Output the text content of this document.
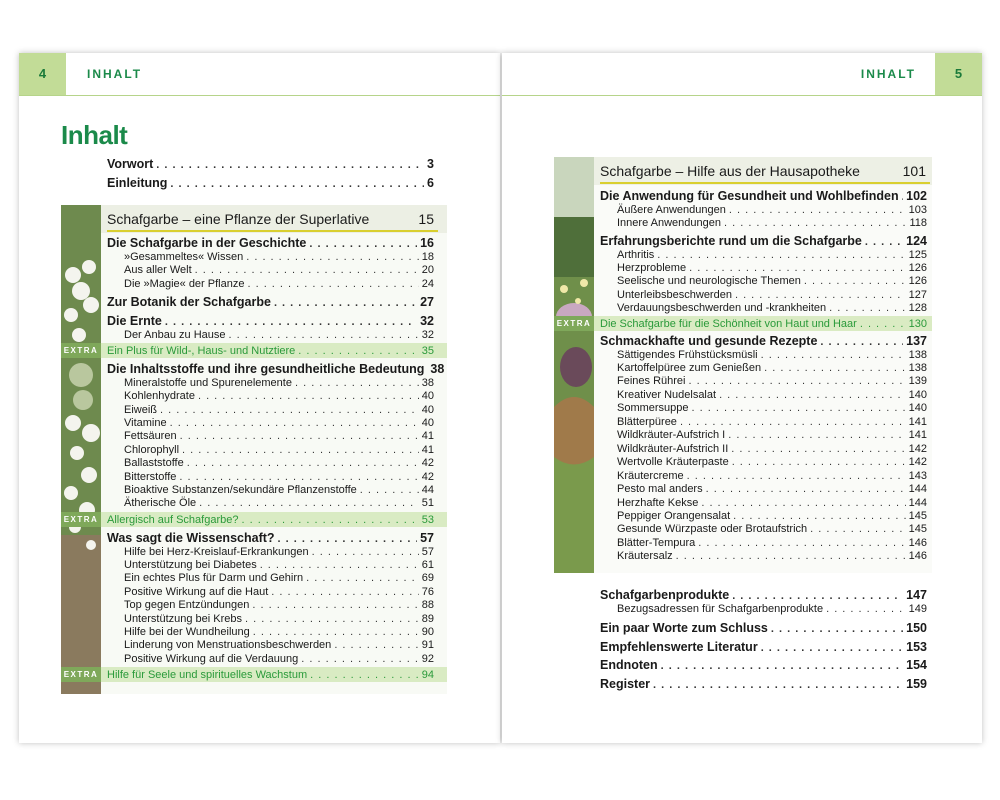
4	INHALT
Inhalt
Vorwort . . .	3
Einleitung . . .	6
Schafgarbe – eine Pflanze der Superlative	15
Die Schafgarbe in der Geschichte . . .	16
»Gesammeltes« Wissen . . .	18
Aus aller Welt . . .	20
Die »Magie« der Pflanze . . .	24
Zur Botanik der Schafgarbe . . .	27
Die Ernte . . .	32
Der Anbau zu Hause . . .	32
EXTRA Ein Plus für Wild-, Haus- und Nutztiere . . .	35
Die Inhaltsstoffe und ihre gesundheitliche Bedeutung 38
Mineralstoffe und Spurenelemente . . .	38
Kohlenhydrate . . .	40
Eiweiß . . .	40
Vitamine . . .	40
Fettsäuren . . .	41
Chlorophyll . . .	41
Ballaststoffe . . .	42
Bitterstoffe . . .	42
Bioaktive Substanzen/sekundäre Pflanzenstoffe . . .	44
Ätherische Öle . . .	51
EXTRA Allergisch auf Schafgarbe? . . .	53
Was sagt die Wissenschaft? . . .	57
Hilfe bei Herz-Kreislauf-Erkrankungen . . .	57
Unterstützung bei Diabetes . . .	61
Ein echtes Plus für Darm und Gehirn . . .	69
Positive Wirkung auf die Haut . . .	76
Top gegen Entzündungen . . .	88
Unterstützung bei Krebs . . .	89
Hilfe bei der Wundheilung . . .	90
Linderung von Menstruationsbeschwerden . . .	91
Positive Wirkung auf die Verdauung . . .	92
EXTRA Hilfe für Seele und spirituelles Wachstum . . .	94
5
INHALT
Schafgarbe – Hilfe aus der Hausapotheke	101
Die Anwendung für Gesundheit und Wohlbefinden . . . 102
Äußere Anwendungen . . .	103
Innere Anwendungen . . .	118
Erfahrungsberichte rund um die Schafgarbe . . .	124
Arthritis . . .	125
Herzprobleme . . .	126
Seelische und neurologische Themen . . .	126
Unterleibsbeschwerden . . .	127
Verdauungsbeschwerden und -krankheiten . . .	128
EXTRA Die Schafgarbe für die Schönheit von Haut und Haar . . .	130
Schmackhafte und gesunde Rezepte . . .	137
Sättigendes Frühstücksmüsli . . .	138
Kartoffelpüree zum Genießen . . .	138
Feines Rührei . . .	139
Kreativer Nudelsalat . . .	140
Sommersuppe . . .	140
Blätterpüree . . .	141
Wildkräuter-Aufstrich I . . .	141
Wildkräuter-Aufstrich II . . .	142
Wertvolle Kräuterpaste . . .	142
Kräutercreme . . .	143
Pesto mal anders . . .	144
Herzhafte Kekse . . .	144
Peppiger Orangensalat . . .	145
Gesunde Würzpaste oder Brotaufstrich . . .	145
Blätter-Tempura . . .	146
Kräutersalz . . .	146
Schafgarbenprodukte . . .	147
Bezugsadressen für Schafgarbenprodukte . . .	149
Ein paar Worte zum Schluss . . .	150
Empfehlenswerte Literatur . . .	153
Endnoten . . .	154
Register . . .	159
